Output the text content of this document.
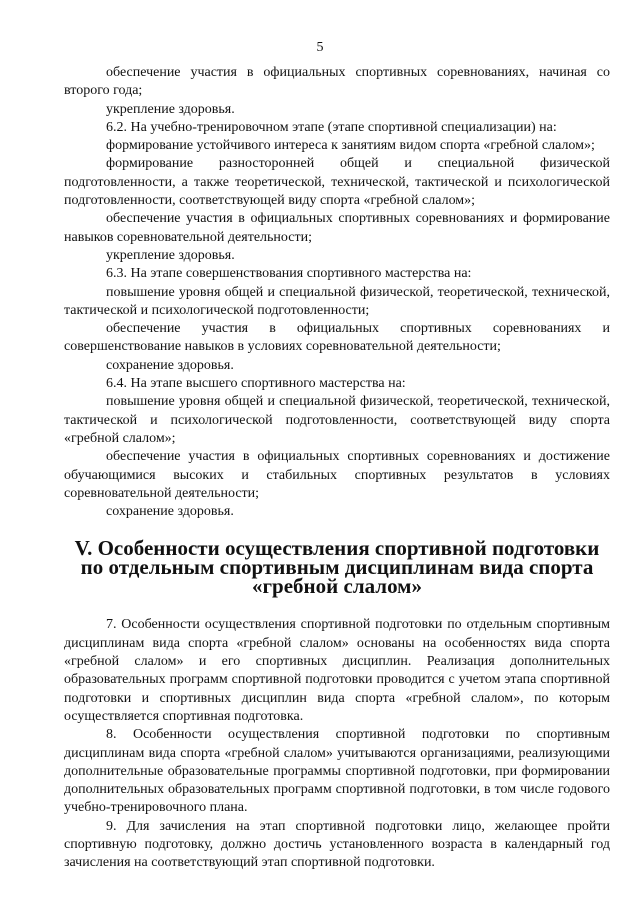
5

обеспечение участия в официальных спортивных соревнованиях, начиная со второго года;

укрепление здоровья.

6.2. На учебно-тренировочном этапе (этапе спортивной специализации) на:

формирование устойчивого интереса к занятиям видом спорта «гребной слалом»;

формирование разносторонней общей и специальной физической подготовленности, а также теоретической, технической, тактической и психологической подготовленности, соответствующей виду спорта «гребной слалом»;

обеспечение участия в официальных спортивных соревнованиях и формирование навыков соревновательной деятельности;

укрепление здоровья.

6.3. На этапе совершенствования спортивного мастерства на:

повышение уровня общей и специальной физической, теоретической, технической, тактической и психологической подготовленности;

обеспечение участия в официальных спортивных соревнованиях и совершенствование навыков в условиях соревновательной деятельности;

сохранение здоровья.

6.4. На этапе высшего спортивного мастерства на:

повышение уровня общей и специальной физической, теоретической, технической, тактической и психологической подготовленности, соответствующей виду спорта «гребной слалом»;

обеспечение участия в официальных спортивных соревнованиях и достижение обучающимися высоких и стабильных спортивных результатов в условиях соревновательной деятельности;

сохранение здоровья.

V. Особенности осуществления спортивной подготовки
по отдельным спортивным дисциплинам вида спорта «гребной слалом»

7. Особенности осуществления спортивной подготовки по отдельным спортивным дисциплинам вида спорта «гребной слалом» основаны на особенностях вида спорта «гребной слалом» и его спортивных дисциплин. Реализация дополнительных образовательных программ спортивной подготовки проводится с учетом этапа спортивной подготовки и спортивных дисциплин вида спорта «гребной слалом», по которым осуществляется спортивная подготовка.

8. Особенности осуществления спортивной подготовки по спортивным дисциплинам вида спорта «гребной слалом» учитываются организациями, реализующими дополнительные образовательные программы спортивной подготовки, при формировании дополнительных образовательных программ спортивной подготовки, в том числе годового учебно-тренировочного плана.

9. Для зачисления на этап спортивной подготовки лицо, желающее пройти спортивную подготовку, должно достичь установленного возраста в календарный год зачисления на соответствующий этап спортивной подготовки.
